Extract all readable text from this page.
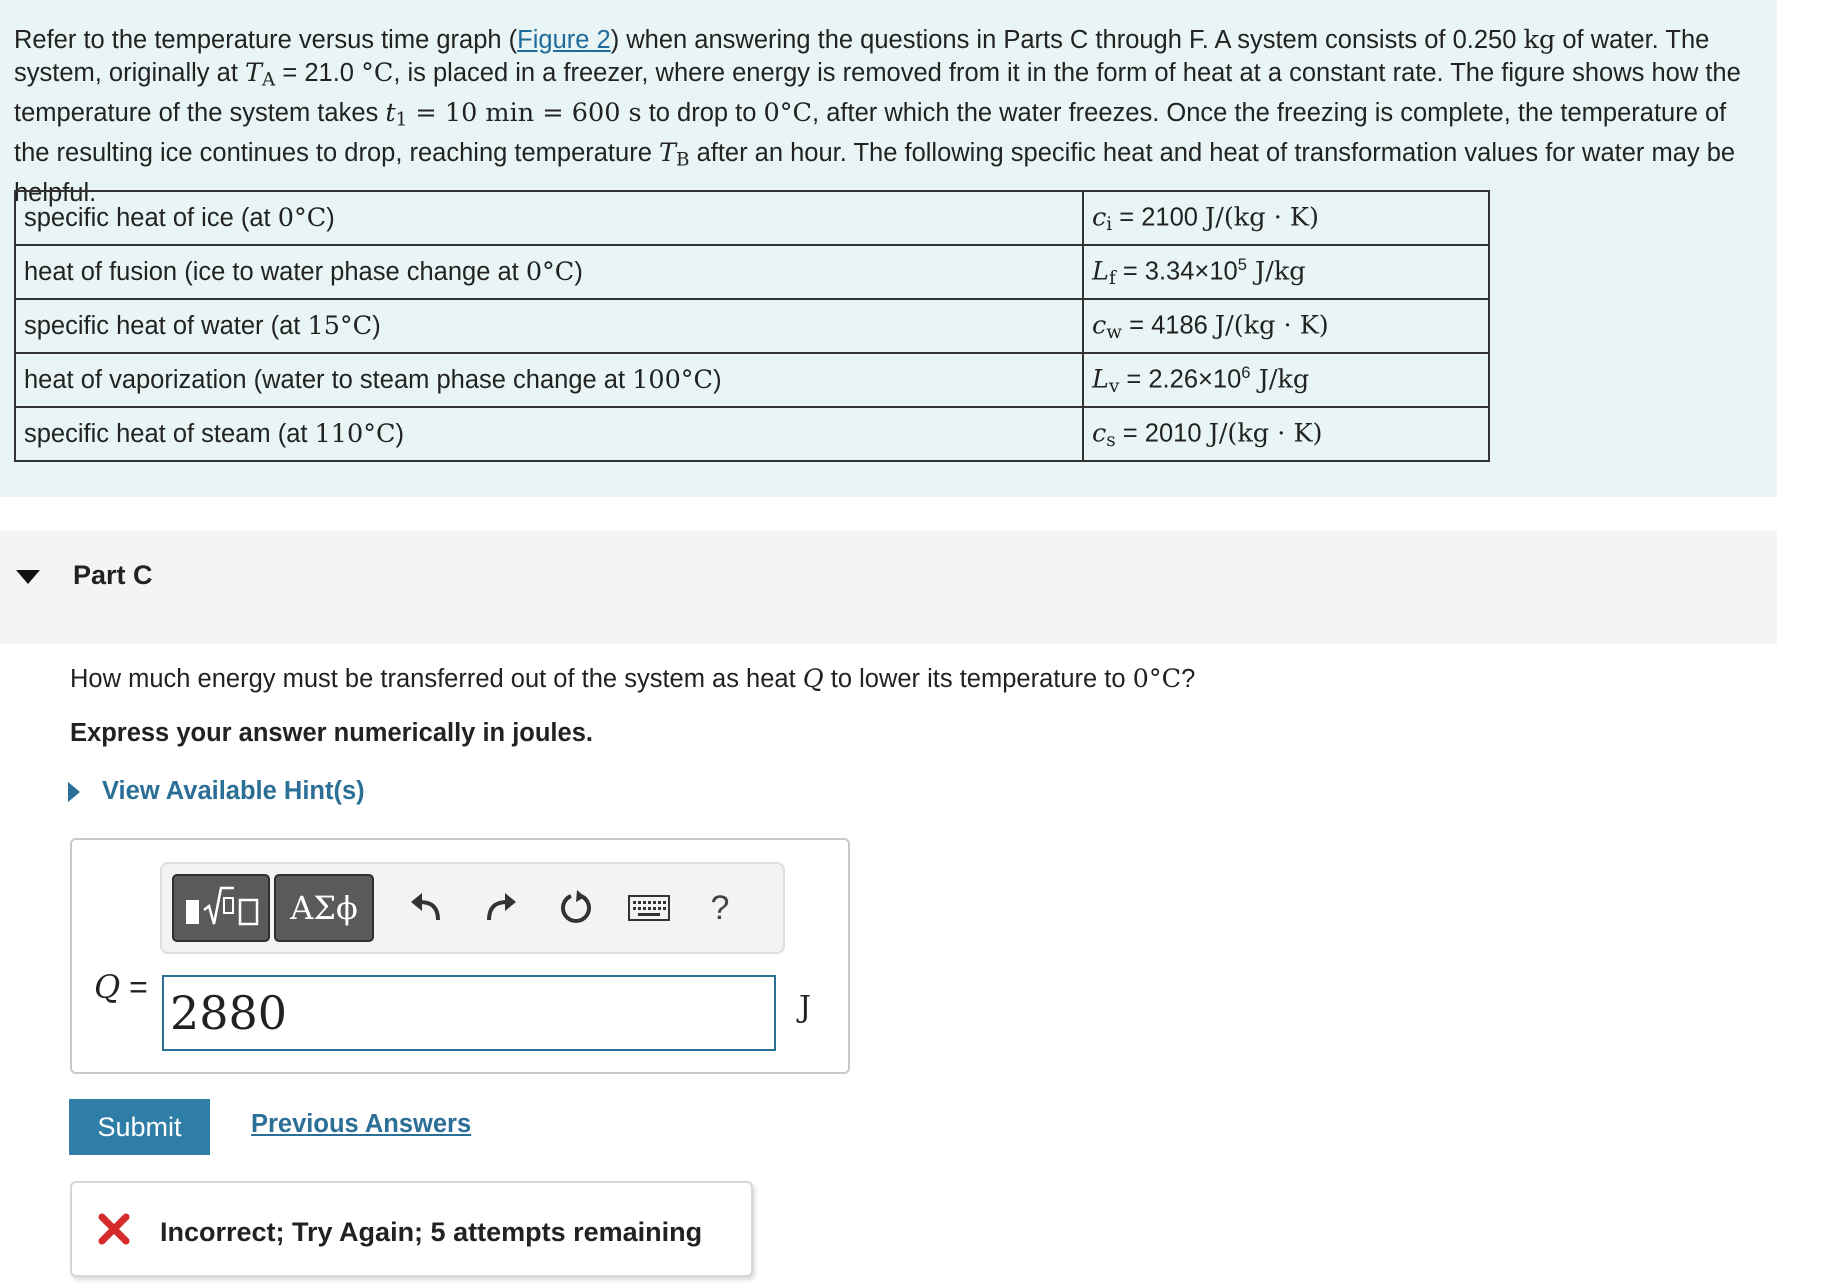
Refer to the temperature versus time graph (Figure 2) when answering the questions in Parts C through F. A system consists of 0.250 kg of water. The system, originally at $T_A = 21.0$ °C, is placed in a freezer, where energy is removed from it in the form of heat at a constant rate. The figure shows how the temperature of the system takes $t_1 = 10$ min = 600 s to drop to 0°C, after which the water freezes. Once the freezing is complete, the temperature of the resulting ice continues to drop, reaching temperature $T_B$ after an hour. The following specific heat and heat of transformation values for water may be helpful.
specific heat of ice (at 0°C)	$c_i = 2100$ J/(kg · K)
heat of fusion (ice to water phase change at 0°C)	$L_f = 3.34\times 10^5$ J/kg
specific heat of water (at 15°C)	$c_w = 4186$ J/(kg · K)
heat of vaporization (water to steam phase change at 100°C)	$L_v = 2.26\times 10^6$ J/kg
specific heat of steam (at 110°C)	$c_s = 2010$ J/(kg · K)
Part C
How much energy must be transferred out of the system as heat Q to lower its temperature to 0°C?
Express your answer numerically in joules.
View Available Hint(s)
ΑΣϕ	?
Q =
2880
J
Submit	Previous Answers
Incorrect; Try Again; 5 attempts remaining
